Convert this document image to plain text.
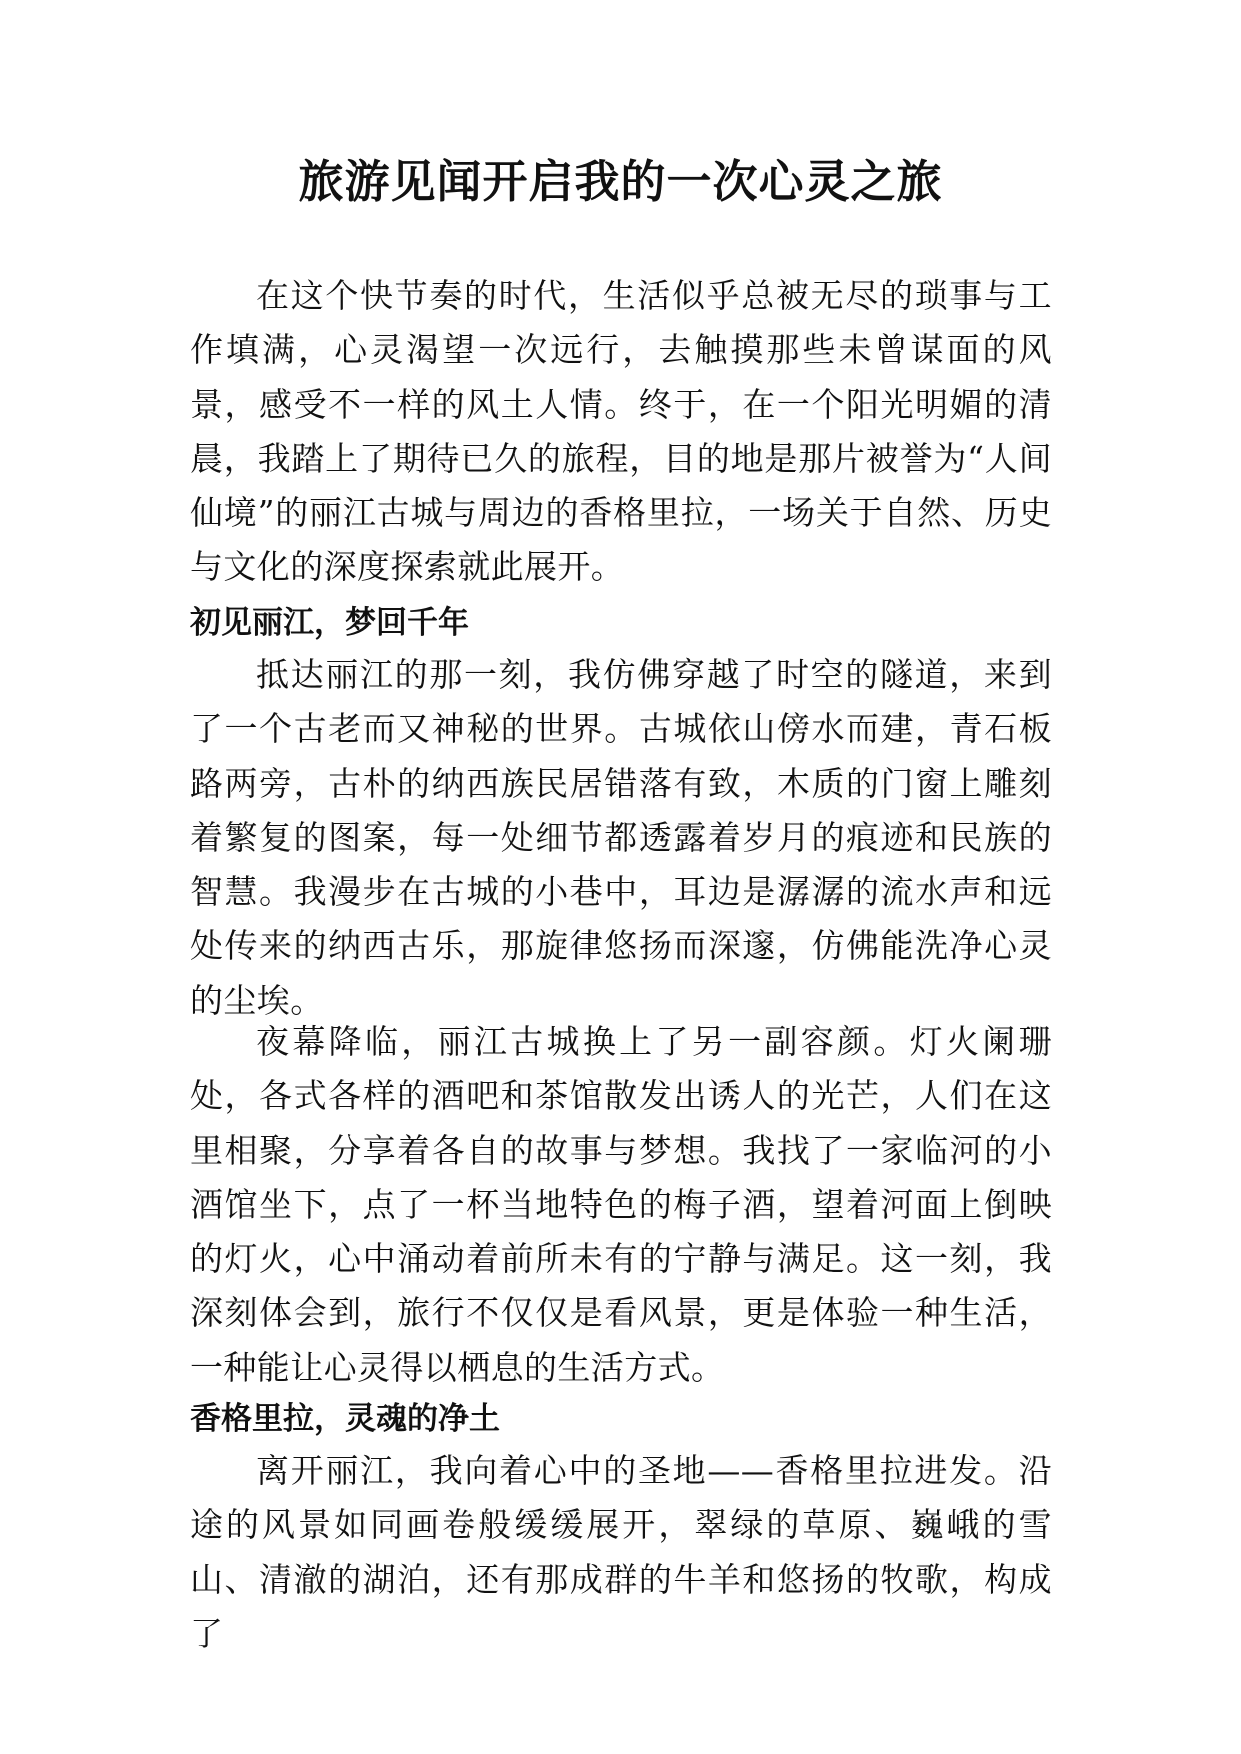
旅游见闻开启我的一次心灵之旅

在这个快节奏的时代，生活似乎总被无尽的琐事与工作填满，心灵渴望一次远行，去触摸那些未曾谋面的风景，感受不一样的风土人情。终于，在一个阳光明媚的清晨，我踏上了期待已久的旅程，目的地是那片被誉为“人间仙境”的丽江古城与周边的香格里拉，一场关于自然、历史与文化的深度探索就此展开。

初见丽江，梦回千年

抵达丽江的那一刻，我仿佛穿越了时空的隧道，来到了一个古老而又神秘的世界。古城依山傍水而建，青石板路两旁，古朴的纳西族民居错落有致，木质的门窗上雕刻着繁复的图案，每一处细节都透露着岁月的痕迹和民族的智慧。我漫步在古城的小巷中，耳边是潺潺的流水声和远处传来的纳西古乐，那旋律悠扬而深邃，仿佛能洗净心灵的尘埃。

夜幕降临，丽江古城换上了另一副容颜。灯火阑珊处，各式各样的酒吧和茶馆散发出诱人的光芒，人们在这里相聚，分享着各自的故事与梦想。我找了一家临河的小酒馆坐下，点了一杯当地特色的梅子酒，望着河面上倒映的灯火，心中涌动着前所未有的宁静与满足。这一刻，我深刻体会到，旅行不仅仅是看风景，更是体验一种生活，一种能让心灵得以栖息的生活方式。

香格里拉，灵魂的净土

离开丽江，我向着心中的圣地——香格里拉进发。沿途的风景如同画卷般缓缓展开，翠绿的草原、巍峨的雪山、清澈的湖泊，还有那成群的牛羊和悠扬的牧歌，构成了
